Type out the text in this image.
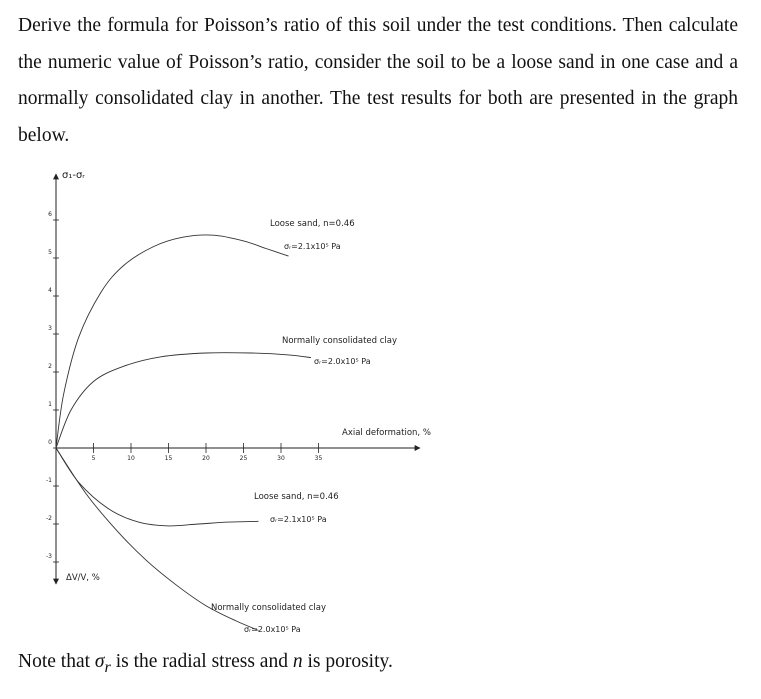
Derive the formula for Poisson’s ratio of this soil under the test conditions. Then calculate the numeric value of Poisson’s ratio, consider the soil to be a loose sand in one case and a normally consolidated clay in another. The test results for both are presented in the graph below.

σ₁-σᵣ
ΔV/V, %
Axial deformation, %
6
5
4
3
2
1
0
-1
-2
-3
5	10	15	20	25	30	35
Loose sand, n=0.46
σᵣ=2.1x10⁵ Pa
Normally consolidated clay
σᵣ=2.0x10⁵ Pa
Loose sand, n=0.46
σᵣ=2.1x10⁵ Pa
Normally consolidated clay
σᵣ=2.0x10⁵ Pa

Note that $\sigma_r$ is the radial stress and n is porosity.
